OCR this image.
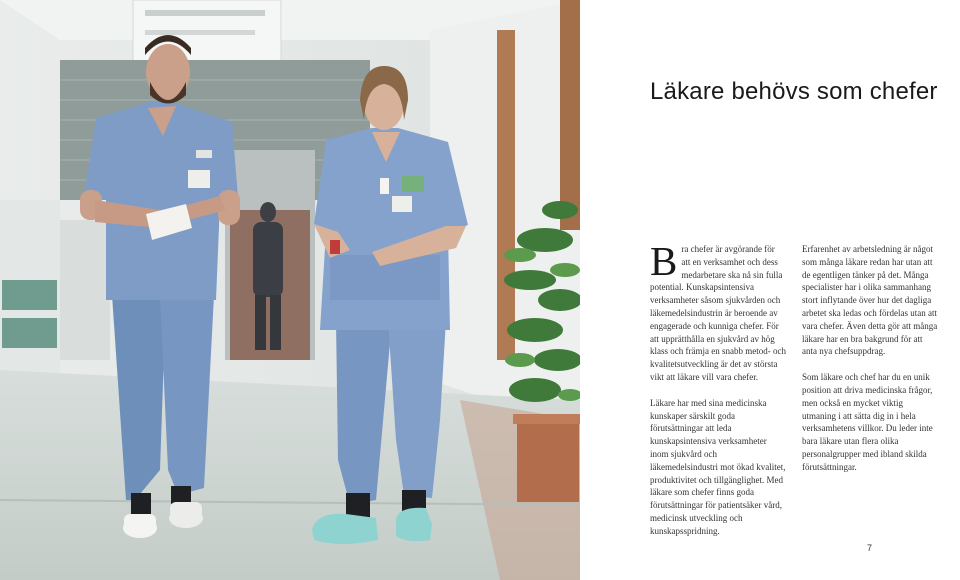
Läkare behövs som chefer

Bra chefer är avgörande för att en verksamhet och dess medarbetare ska nå sin fulla potential. Kunskapsintensiva verksamheter såsom sjukvården och läkemedelsindustrin är beroende av engagerade och kunniga chefer. För att upprätthålla en sjukvård av hög klass och främja en snabb metod- och kvalitetsutveckling är det av största vikt att läkare vill vara chefer.

Läkare har med sina medicinska kunskaper särskilt goda förutsättningar att leda kunskapsintensiva verksamheter inom sjukvård och läkemedelsindustri mot ökad kvalitet, produktivitet och tillgänglighet. Med läkare som chefer finns goda förutsättningar för patientsäker vård, medicinsk utveckling och kunskapsspridning.

Erfarenhet av arbetsledning är något som många läkare redan har utan att de egentligen tänker på det. Många specialister har i olika sammanhang stort inflytande över hur det dagliga arbetet ska ledas och fördelas utan att vara chefer. Även detta gör att många läkare har en bra bakgrund för att anta nya chefsuppdrag.

Som läkare och chef har du en unik position att driva medicinska frågor, men också en mycket viktig utmaning i att sätta dig in i hela verksamhetens villkor. Du leder inte bara läkare utan flera olika personalgrupper med ibland skilda förutsättningar.

7
